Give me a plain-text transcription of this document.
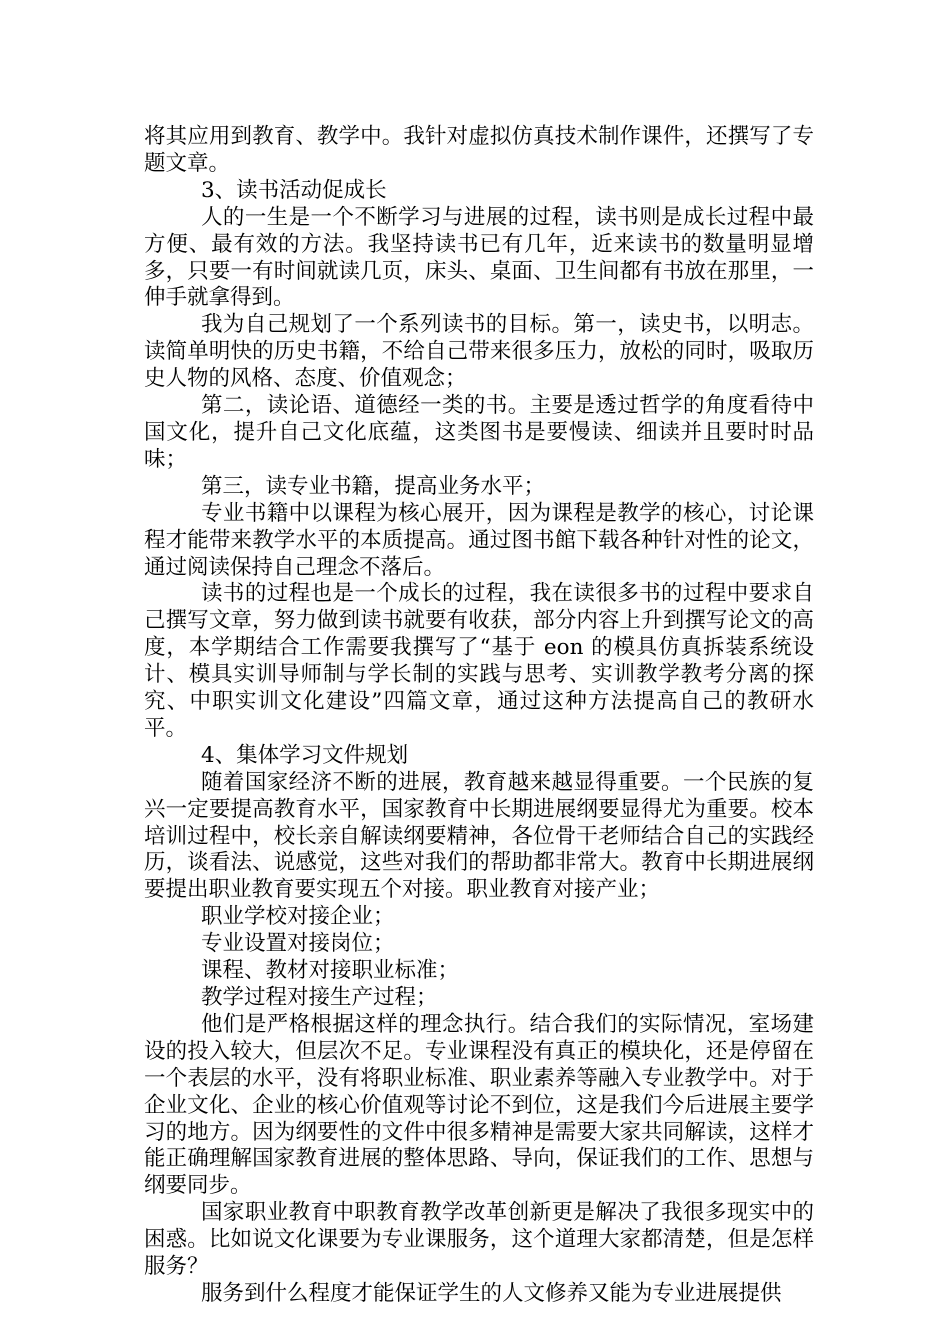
将其应用到教育、教学中。我针对虚拟仿真技术制作课件，还撰写了专题文章。

3、读书活动促成长

人的一生是一个不断学习与进展的过程，读书则是成长过程中最方便、最有效的方法。我坚持读书已有几年，近来读书的数量明显增多，只要一有时间就读几页，床头、桌面、卫生间都有书放在那里，一伸手就拿得到。

我为自己规划了一个系列读书的目标。第一，读史书，以明志。读简单明快的历史书籍，不给自己带来很多压力，放松的同时，吸取历史人物的风格、态度、价值观念；

第二，读论语、道德经一类的书。主要是透过哲学的角度看待中国文化，提升自己文化底蕴，这类图书是要慢读、细读并且要时时品味；

第三，读专业书籍，提高业务水平；

专业书籍中以课程为核心展开，因为课程是教学的核心，讨论课程才能带来教学水平的本质提高。通过图书館下载各种针对性的论文，通过阅读保持自己理念不落后。

读书的过程也是一个成长的过程，我在读很多书的过程中要求自己撰写文章，努力做到读书就要有收获，部分内容上升到撰写论文的高度，本学期结合工作需要我撰写了“基于 eon 的模具仿真拆装系统设计、模具实训导师制与学长制的实践与思考、实训教学教考分离的探究、中职实训文化建设”四篇文章，通过这种方法提高自己的教研水平。

4、集体学习文件规划

随着国家经济不断的进展，教育越来越显得重要。一个民族的复兴一定要提高教育水平，国家教育中长期进展纲要显得尤为重要。校本培训过程中，校长亲自解读纲要精神，各位骨干老师结合自己的实践经历，谈看法、说感觉，这些对我们的帮助都非常大。教育中长期进展纲要提出职业教育要实现五个对接。职业教育对接产业；

职业学校对接企业；

专业设置对接岗位；

课程、教材对接职业标准；

教学过程对接生产过程；

他们是严格根据这样的理念执行。结合我们的实际情况，室场建设的投入较大，但层次不足。专业课程没有真正的模块化，还是停留在一个表层的水平，没有将职业标准、职业素养等融入专业教学中。对于企业文化、企业的核心价值观等讨论不到位，这是我们今后进展主要学习的地方。因为纲要性的文件中很多精神是需要大家共同解读，这样才能正确理解国家教育进展的整体思路、导向，保证我们的工作、思想与纲要同步。

国家职业教育中职教育教学改革创新更是解决了我很多现实中的困惑。比如说文化课要为专业课服务，这个道理大家都清楚，但是怎样服务？

服务到什么程度才能保证学生的人文修养又能为专业进展提供
